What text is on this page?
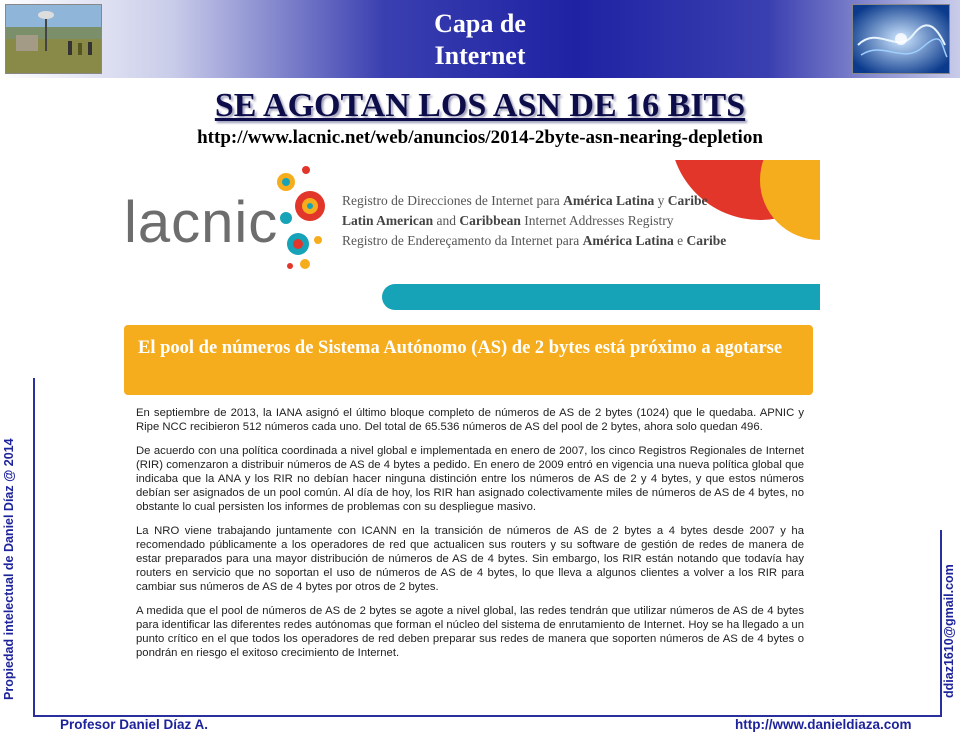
Capa de
Internet
SE AGOTAN LOS ASN DE 16 BITS
http://www.lacnic.net/web/anuncios/2014-2byte-asn-nearing-depletion
lacnic	Registro de Direcciones de Internet para América Latina y Caribe
Latin American and Caribbean Internet Addresses Registry
Registro de Endereçamento da Internet para América Latina e Caribe
El pool de números de Sistema Autónomo (AS) de 2 bytes está próximo a agotarse

En septiembre de 2013, la IANA asignó el último bloque completo de números de AS de 2 bytes (1024) que le quedaba. APNIC y Ripe NCC recibieron 512 números cada uno. Del total de 65.536 números de AS del pool de 2 bytes, ahora solo quedan 496.

De acuerdo con una política coordinada a nivel global e implementada en enero de 2007, los cinco Registros Regionales de Internet (RIR) comenzaron a distribuir números de AS de 4 bytes a pedido. En enero de 2009 entró en vigencia una nueva política global que indicaba que la ANA y los RIR no debían hacer ninguna distinción entre los números de AS de 2 y 4 bytes, y que estos números debían ser asignados de un pool común. Al día de hoy, los RIR han asignado colectivamente miles de números de AS de 4 bytes, no obstante lo cual persisten los informes de problemas con su despliegue masivo.

La NRO viene trabajando juntamente con ICANN en la transición de números de AS de 2 bytes a 4 bytes desde 2007 y ha recomendado públicamente a los operadores de red que actualicen sus routers y su software de gestión de redes de manera de estar preparados para una mayor distribución de números de AS de 4 bytes. Sin embargo, los RIR están notando que todavía hay routers en servicio que no soportan el uso de números de AS de 4 bytes, lo que lleva a algunos clientes a volver a los RIR para cambiar sus números de AS de 4 bytes por otros de 2 bytes.

A medida que el pool de números de AS de 2 bytes se agote a nivel global, las redes tendrán que utilizar números de AS de 4 bytes para identificar las diferentes redes autónomas que forman el núcleo del sistema de enrutamiento de Internet. Hoy se ha llegado a un punto crítico en el que todos los operadores de red deben preparar sus redes de manera que soporten números de AS de 4 bytes o pondrán en riesgo el exitoso crecimiento de Internet.

Propiedad intelectual de Daniel Díaz @ 2014	ddiaz1610@gmail.com
Profesor Daniel Díaz A.	http://www.danieldiaza.com
